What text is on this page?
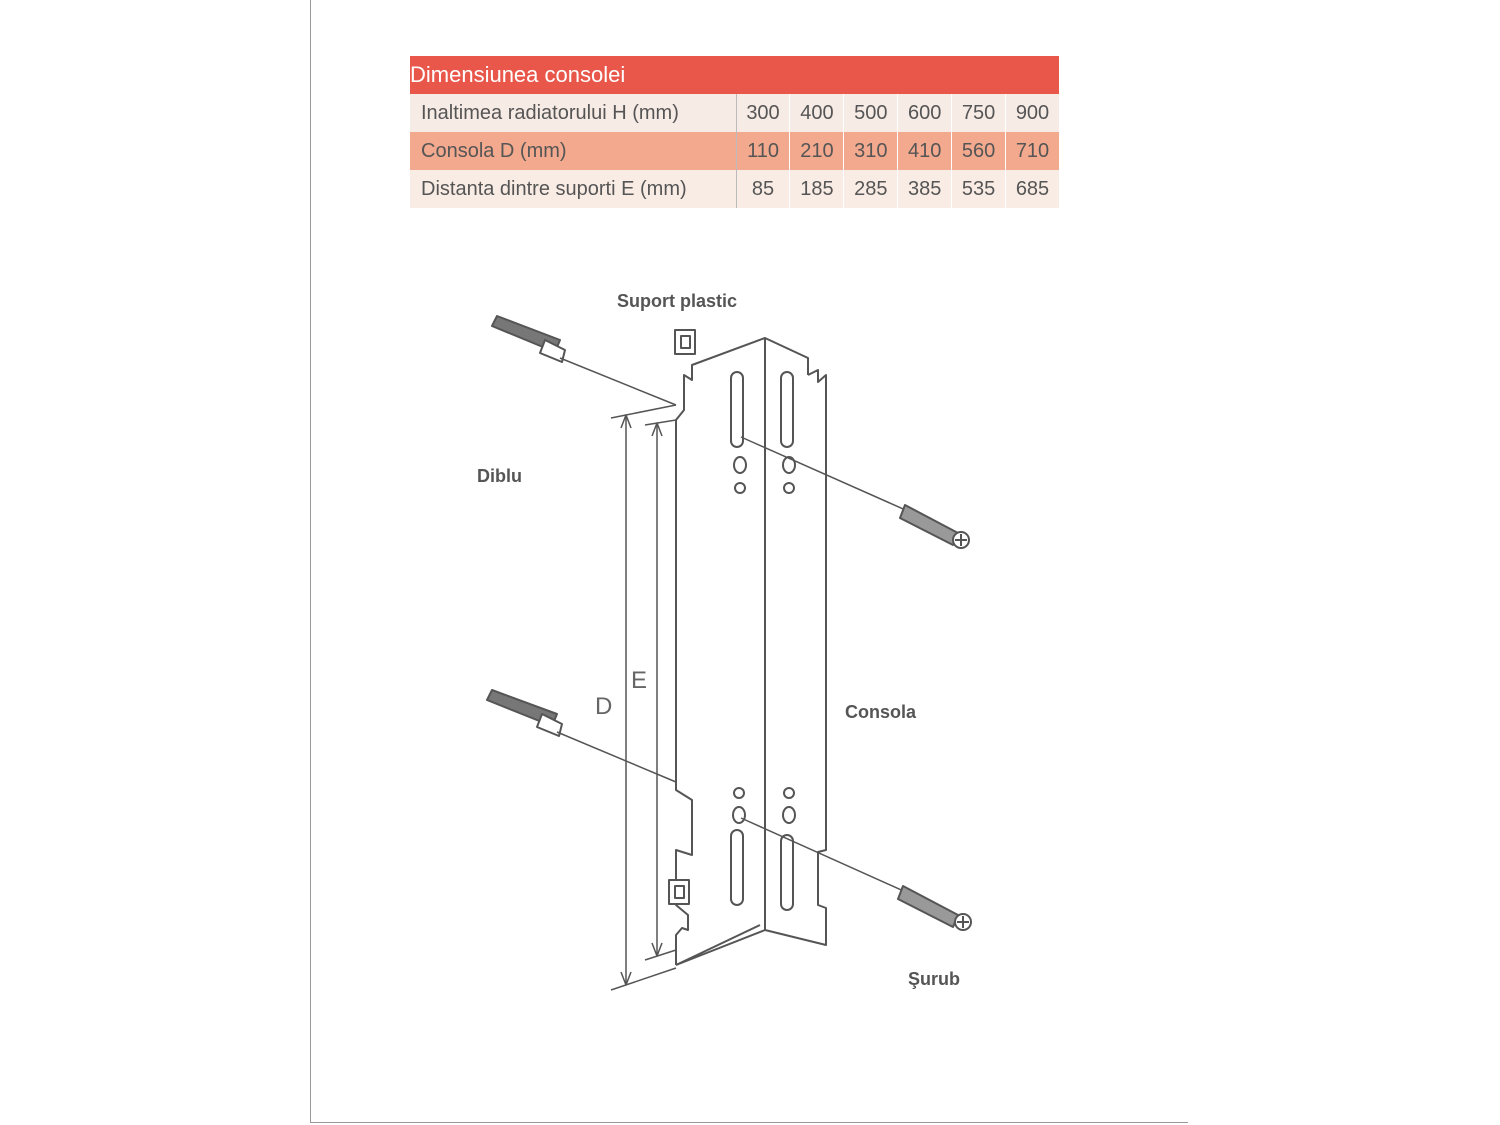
Dimensiunea consolei						
Inaltimea radiatorului H (mm)	300	400	500	600	750	900
Consola D (mm)	110	210	310	410	560	710
Distanta dintre suporti E (mm)	85	185	285	385	535	685
Suport plastic
Diblu
Consola
Şurub
D
E
